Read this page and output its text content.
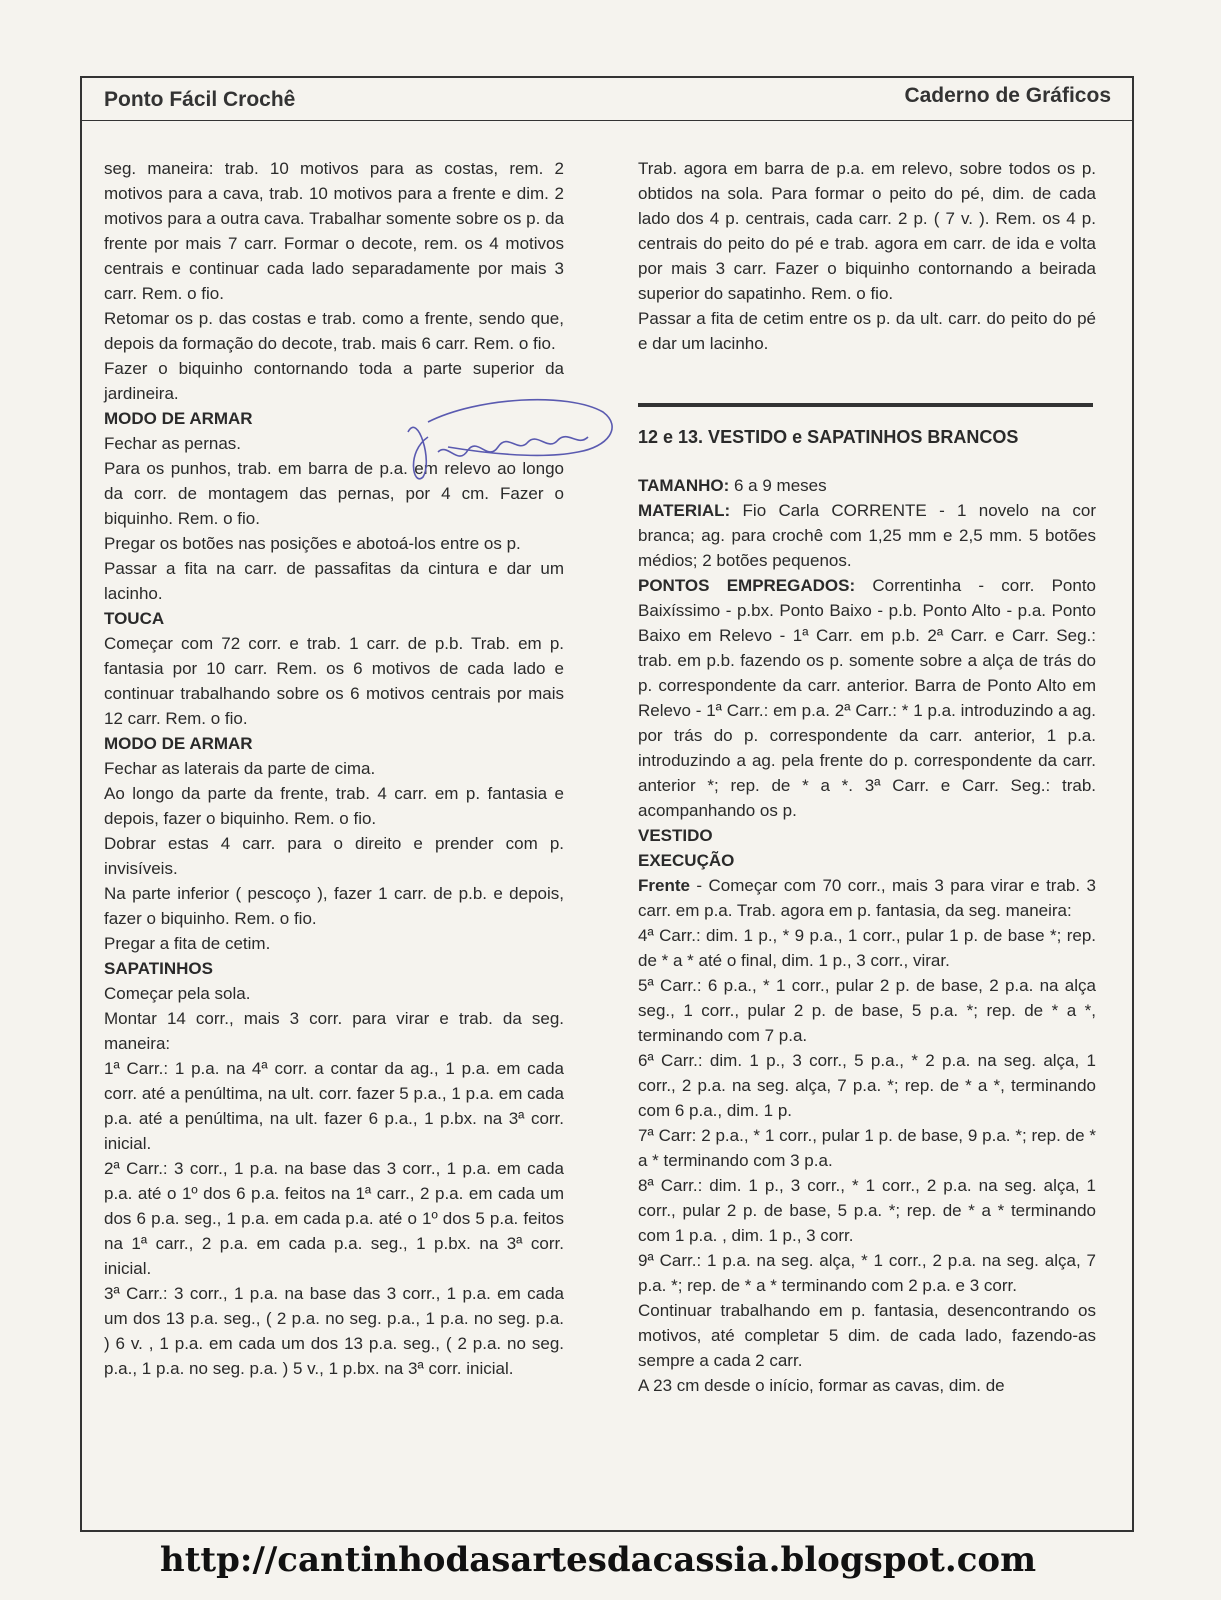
Ponto Fácil Crochê	Caderno de Gráficos

seg. maneira: trab. 10 motivos para as costas, rem. 2 motivos para a cava, trab. 10 motivos para a frente e dim. 2 motivos para a outra cava. Trabalhar somente sobre os p. da frente por mais 7 carr. Formar o decote, rem. os 4 motivos centrais e continuar cada lado separadamente por mais 3 carr. Rem. o fio.

Retomar os p. das costas e trab. como a frente, sendo que, depois da formação do decote, trab. mais 6 carr. Rem. o fio.

Fazer o biquinho contornando toda a parte superior da jardineira.

MODO DE ARMAR

Fechar as pernas.

Para os punhos, trab. em barra de p.a. em relevo ao longo da corr. de montagem das pernas, por 4 cm. Fazer o biquinho. Rem. o fio.

Pregar os botões nas posições e abotoá-los entre os p.

Passar a fita na carr. de passafitas da cintura e dar um lacinho.

TOUCA

Começar com 72 corr. e trab. 1 carr. de p.b. Trab. em p. fantasia por 10 carr. Rem. os 6 motivos de cada lado e continuar trabalhando sobre os 6 motivos centrais por mais 12 carr. Rem. o fio.

MODO DE ARMAR

Fechar as laterais da parte de cima.

Ao longo da parte da frente, trab. 4 carr. em p. fantasia e depois, fazer o biquinho. Rem. o fio.

Dobrar estas 4 carr. para o direito e prender com p. invisíveis.

Na parte inferior ( pescoço ), fazer 1 carr. de p.b. e depois, fazer o biquinho. Rem. o fio.

Pregar a fita de cetim.

SAPATINHOS

Começar pela sola.

Montar 14 corr., mais 3 corr. para virar e trab. da seg. maneira:

1ª Carr.: 1 p.a. na 4ª corr. a contar da ag., 1 p.a. em cada corr. até a penúltima, na ult. corr. fazer 5 p.a., 1 p.a. em cada p.a. até a penúltima, na ult. fazer 6 p.a., 1 p.bx. na 3ª corr. inicial.

2ª Carr.: 3 corr., 1 p.a. na base das 3 corr., 1 p.a. em cada p.a. até o 1º dos 6 p.a. feitos na 1ª carr., 2 p.a. em cada um dos 6 p.a. seg., 1 p.a. em cada p.a. até o 1º dos 5 p.a. feitos na 1ª carr., 2 p.a. em cada p.a. seg., 1 p.bx. na 3ª corr. inicial.

3ª Carr.: 3 corr., 1 p.a. na base das 3 corr., 1 p.a. em cada um dos 13 p.a. seg., ( 2 p.a. no seg. p.a., 1 p.a. no seg. p.a. ) 6 v. , 1 p.a. em cada um dos 13 p.a. seg., ( 2 p.a. no seg. p.a., 1 p.a. no seg. p.a. ) 5 v., 1 p.bx. na 3ª corr. inicial.

Trab. agora em barra de p.a. em relevo, sobre todos os p. obtidos na sola. Para formar o peito do pé, dim. de cada lado dos 4 p. centrais, cada carr. 2 p. ( 7 v. ). Rem. os 4 p. centrais do peito do pé e trab. agora em carr. de ida e volta por mais 3 carr. Fazer o biquinho contornando a beirada superior do sapatinho. Rem. o fio.

Passar a fita de cetim entre os p. da ult. carr. do peito do pé e dar um lacinho.

12 e 13. VESTIDO e SAPATINHOS BRANCOS

TAMANHO: 6 a 9 meses

MATERIAL: Fio Carla CORRENTE - 1 novelo na cor branca; ag. para crochê com 1,25 mm e 2,5 mm. 5 botões médios; 2 botões pequenos.

PONTOS EMPREGADOS: Correntinha - corr. Ponto Baixíssimo - p.bx. Ponto Baixo - p.b. Ponto Alto - p.a. Ponto Baixo em Relevo - 1ª Carr. em p.b. 2ª Carr. e Carr. Seg.: trab. em p.b. fazendo os p. somente sobre a alça de trás do p. correspondente da carr. anterior. Barra de Ponto Alto em Relevo - 1ª Carr.: em p.a. 2ª Carr.: * 1 p.a. introduzindo a ag. por trás do p. correspondente da carr. anterior, 1 p.a. introduzindo a ag. pela frente do p. correspondente da carr. anterior *; rep. de * a *. 3ª Carr. e Carr. Seg.: trab. acompanhando os p.

VESTIDO

EXECUÇÃO

Frente - Começar com 70 corr., mais 3 para virar e trab. 3 carr. em p.a. Trab. agora em p. fantasia, da seg. maneira:

4ª Carr.: dim. 1 p., * 9 p.a., 1 corr., pular 1 p. de base *; rep. de * a * até o final, dim. 1 p., 3 corr., virar.

5ª Carr.: 6 p.a., * 1 corr., pular 2 p. de base, 2 p.a. na alça seg., 1 corr., pular 2 p. de base, 5 p.a. *; rep. de * a *, terminando com 7 p.a.

6ª Carr.: dim. 1 p., 3 corr., 5 p.a., * 2 p.a. na seg. alça, 1 corr., 2 p.a. na seg. alça, 7 p.a. *; rep. de * a *, terminando com 6 p.a., dim. 1 p.

7ª Carr: 2 p.a., * 1 corr., pular 1 p. de base, 9 p.a. *; rep. de * a * terminando com 3 p.a.

8ª Carr.: dim. 1 p., 3 corr., * 1 corr., 2 p.a. na seg. alça, 1 corr., pular 2 p. de base, 5 p.a. *; rep. de * a * terminando com 1 p.a. , dim. 1 p., 3 corr.

9ª Carr.: 1 p.a. na seg. alça, * 1 corr., 2 p.a. na seg. alça, 7 p.a. *; rep. de * a * terminando com 2 p.a. e 3 corr.

Continuar trabalhando em p. fantasia, desencontrando os motivos, até completar 5 dim. de cada lado, fazendo-as sempre a cada 2 carr.

A 23 cm desde o início, formar as cavas, dim. de

http://cantinhodasartesdacassia.blogspot.com
